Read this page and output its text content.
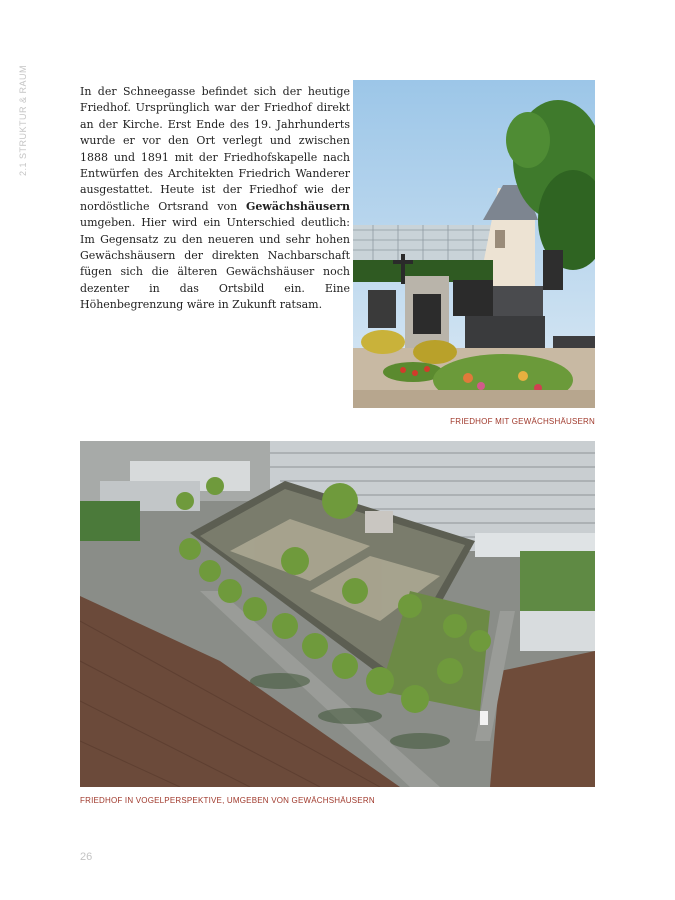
2.1 STRUKTUR & RAUM	In der Schneegasse befindet sich der heutige Friedhof. Ursprünglich war der Friedhof direkt an der Kirche. Erst Ende des 19. Jahrhunderts wurde er vor den Ort verlegt und zwischen 1888 und 1891 mit der Friedhofskapelle nach Entwürfen des Architekten Friedrich Wanderer ausgestattet. Heute ist der Friedhof wie der nordöstliche Ortsrand von Gewächshäusern umgeben. Hier wird ein Unterschied deutlich: Im Gegensatz zu den neueren und sehr hohen Gewächshäusern der direkten Nachbarschaft fügen sich die älteren Gewächshäuser noch dezenter in das Ortsbild ein. Eine Höhenbegrenzung wäre in Zukunft ratsam.
FRIEDHOF MIT GEWÄCHSHÄUSERN
FRIEDHOF IN VOGELPERSPEKTIVE, UMGEBEN VON GEWÄCHSHÄUSERN
26
